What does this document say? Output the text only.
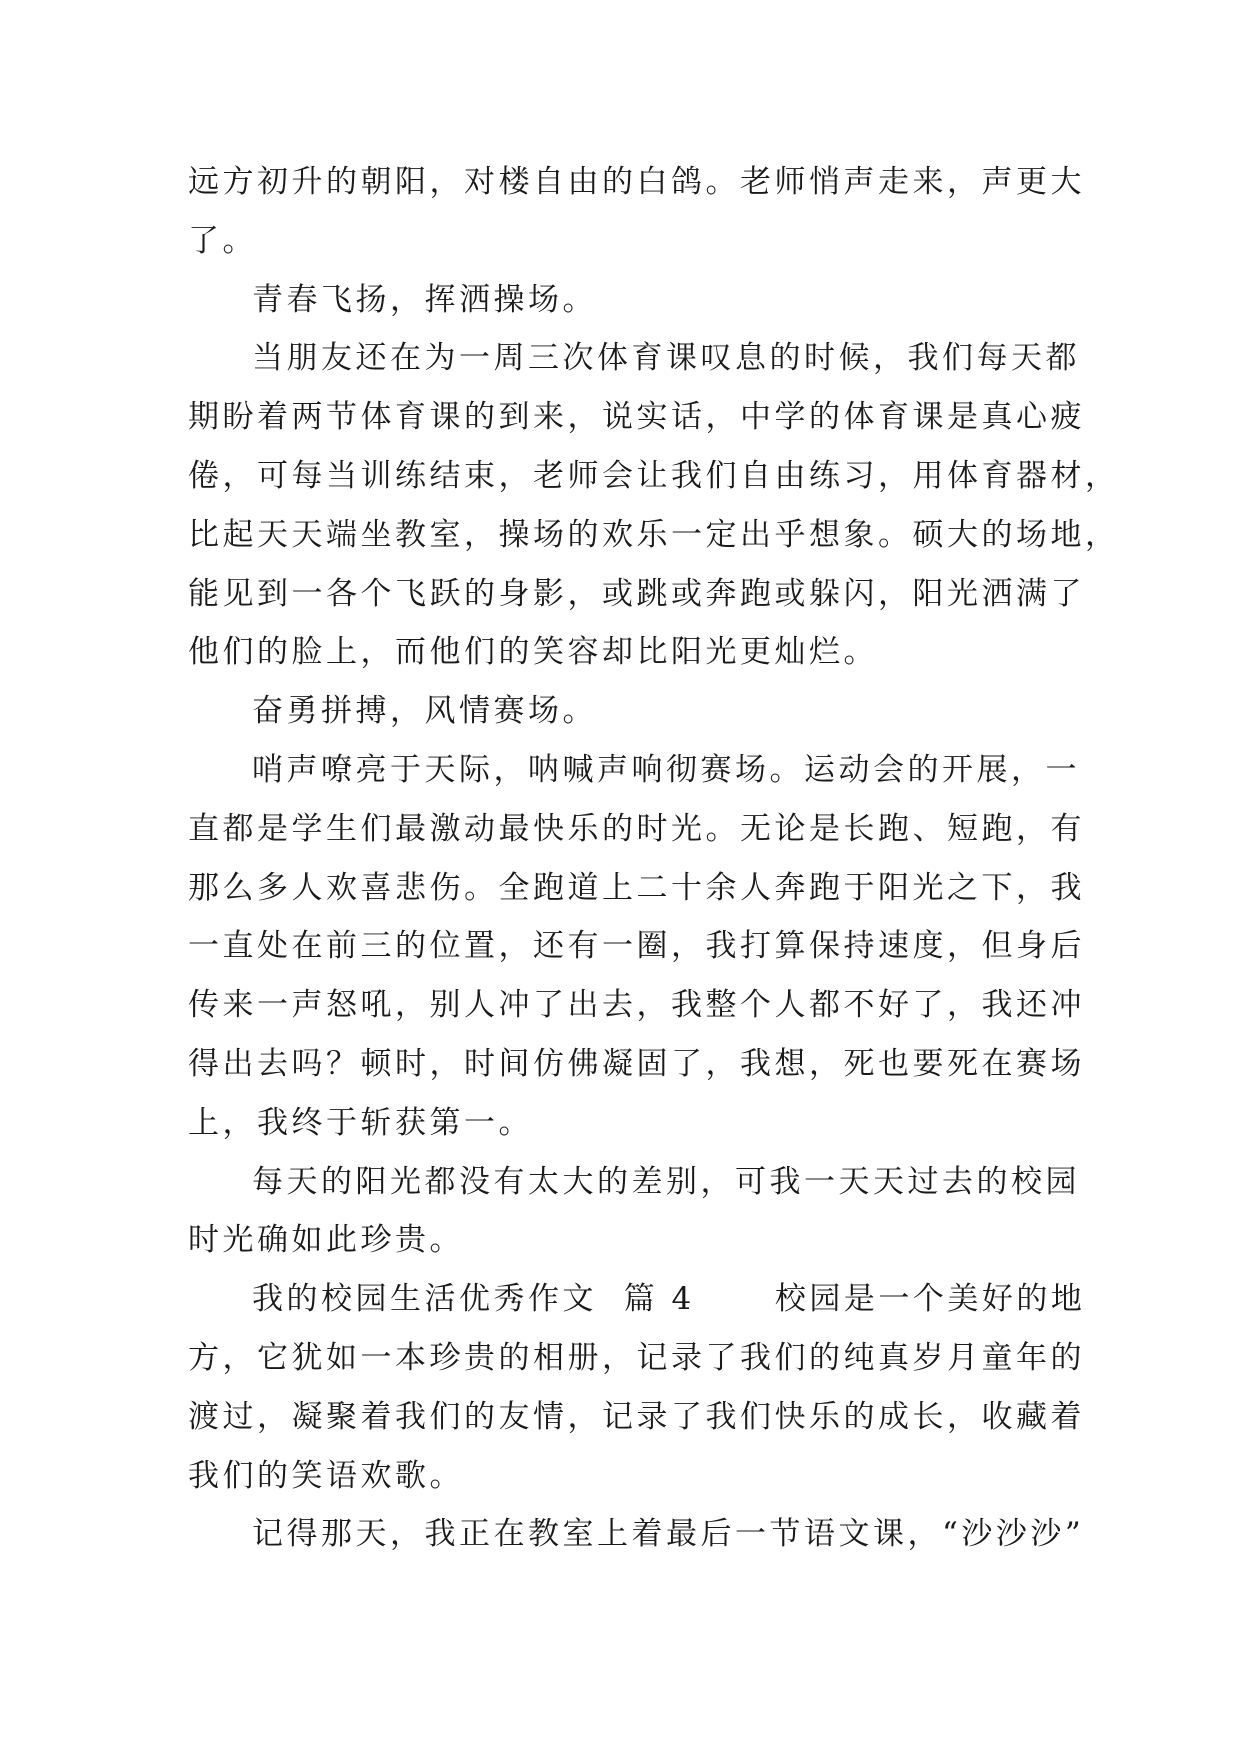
远方初升的朝阳，对楼自由的白鸽。老师悄声走来，声更大
了。
青春飞扬，挥洒操场。
当朋友还在为一周三次体育课叹息的时候，我们每天都
期盼着两节体育课的到来，说实话，中学的体育课是真心疲
倦，可每当训练结束，老师会让我们自由练习，用体育器材，
比起天天端坐教室，操场的欢乐一定出乎想象。硕大的场地，
能见到一各个飞跃的身影，或跳或奔跑或躲闪，阳光洒满了
他们的脸上，而他们的笑容却比阳光更灿烂。
奋勇拼搏，风情赛场。
哨声嘹亮于天际，呐喊声响彻赛场。运动会的开展，一
直都是学生们最激动最快乐的时光。无论是长跑、短跑，有
那么多人欢喜悲伤。全跑道上二十余人奔跑于阳光之下，我
一直处在前三的位置，还有一圈，我打算保持速度，但身后
传来一声怒吼，别人冲了出去，我整个人都不好了，我还冲
得出去吗？顿时，时间仿佛凝固了，我想，死也要死在赛场
上，我终于斩获第一。
每天的阳光都没有太大的差别，可我一天天过去的校园
时光确如此珍贵。
我的校园生活优秀作文  篇 4      校园是一个美好的地
方，它犹如一本珍贵的相册，记录了我们的纯真岁月童年的
渡过，凝聚着我们的友情，记录了我们快乐的成长，收藏着
我们的笑语欢歌。
记得那天，我正在教室上着最后一节语文课，“沙沙沙”
